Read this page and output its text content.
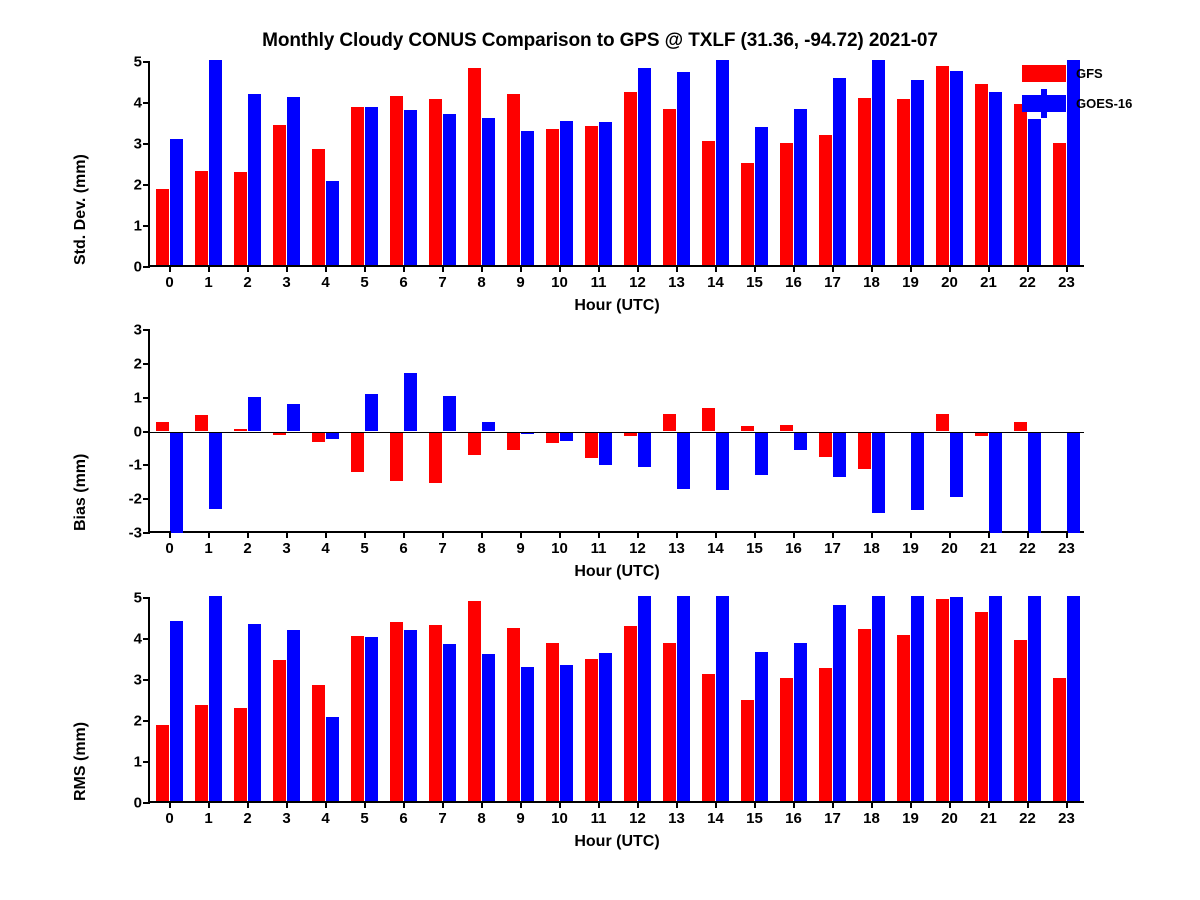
Monthly Cloudy CONUS Comparison to GPS @ TXLF (31.36, -94.72) 2021-07
Std. Dev. (mm)
Hour (UTC)
0
1
2
3
4
5
0 1 2 3 4 5 6 7 8 9 10 11 12 13 14 15 16 17 18 19 20 21 22 23
GFS
GOES-16
Bias (mm)
Hour (UTC)
-3
-2
-1
0
1
2
3
0 1 2 3 4 5 6 7 8 9 10 11 12 13 14 15 16 17 18 19 20 21 22 23
RMS (mm)
Hour (UTC)
0
1
2
3
4
5
0 1 2 3 4 5 6 7 8 9 10 11 12 13 14 15 16 17 18 19 20 21 22 23
